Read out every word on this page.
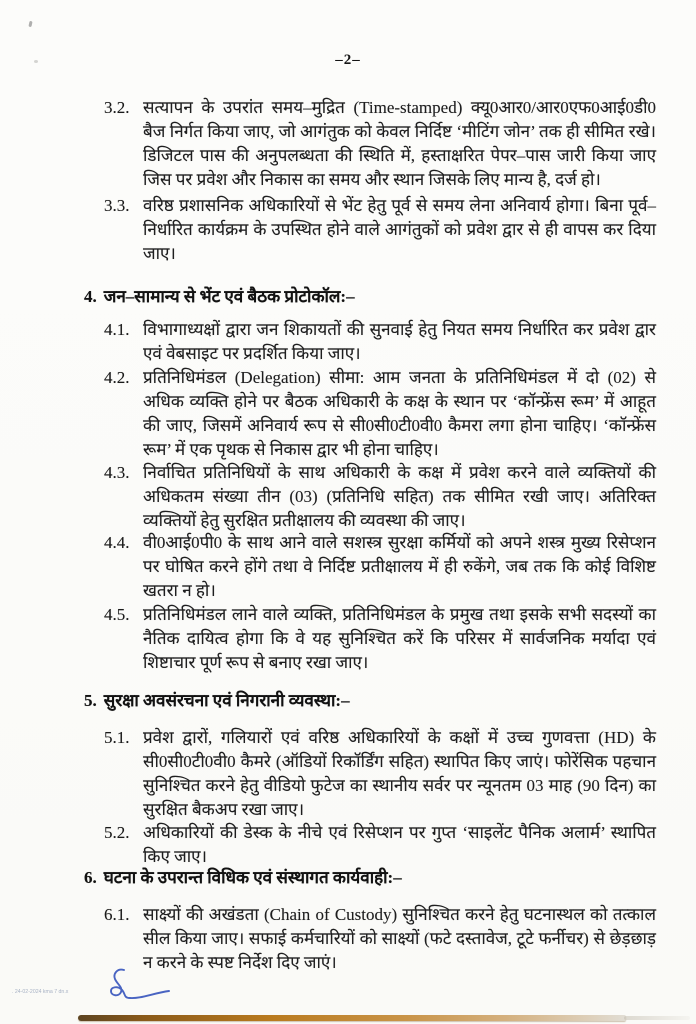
–2–
3.2. सत्यापन के उपरांत समय–मुद्रित (Time-stamped) क्यू0आर0/आर0एफ0आई0डी0 बैज निर्गत किया जाए, जो आगंतुक को केवल निर्दिष्ट ‘मीटिंग जोन’ तक ही सीमित रखे। डिजिटल पास की अनुपलब्धता की स्थिति में, हस्ताक्षरित पेपर–पास जारी किया जाए जिस पर प्रवेश और निकास का समय और स्थान जिसके लिए मान्य है, दर्ज हो।
3.3. वरिष्ठ प्रशासनिक अधिकारियों से भेंट हेतु पूर्व से समय लेना अनिवार्य होगा। बिना पूर्व–निर्धारित कार्यक्रम के उपस्थित होने वाले आगंतुकों को प्रवेश द्वार से ही वापस कर दिया जाए।
4. जन–सामान्य से भेंट एवं बैठक प्रोटोकॉल:–
4.1. विभागाध्यक्षों द्वारा जन शिकायतों की सुनवाई हेतु नियत समय निर्धारित कर प्रवेश द्वार एवं वेबसाइट पर प्रदर्शित किया जाए।
4.2. प्रतिनिधिमंडल (Delegation) सीमा: आम जनता के प्रतिनिधिमंडल में दो (02) से अधिक व्यक्ति होने पर बैठक अधिकारी के कक्ष के स्थान पर ‘कॉन्फ्रेंस रूम’ में आहूत की जाए, जिसमें अनिवार्य रूप से सी0सी0टी0वी0 कैमरा लगा होना चाहिए। ‘कॉन्फ्रेंस रूम’ में एक पृथक से निकास द्वार भी होना चाहिए।
4.3. निर्वाचित प्रतिनिधियों के साथ अधिकारी के कक्ष में प्रवेश करने वाले व्यक्तियों की अधिकतम संख्या तीन (03) (प्रतिनिधि सहित) तक सीमित रखी जाए। अतिरिक्त व्यक्तियों हेतु सुरक्षित प्रतीक्षालय की व्यवस्था की जाए।
4.4. वी0आई0पी0 के साथ आने वाले सशस्त्र सुरक्षा कर्मियों को अपने शस्त्र मुख्य रिसेप्शन पर घोषित करने होंगे तथा वे निर्दिष्ट प्रतीक्षालय में ही रुकेंगे, जब तक कि कोई विशिष्ट खतरा न हो।
4.5. प्रतिनिधिमंडल लाने वाले व्यक्ति, प्रतिनिधिमंडल के प्रमुख तथा इसके सभी सदस्यों का नैतिक दायित्व होगा कि वे यह सुनिश्चित करें कि परिसर में सार्वजनिक मर्यादा एवं शिष्टाचार पूर्ण रूप से बनाए रखा जाए।
5. सुरक्षा अवसंरचना एवं निगरानी व्यवस्था:–
5.1. प्रवेश द्वारों, गलियारों एवं वरिष्ठ अधिकारियों के कक्षों में उच्च गुणवत्ता (HD) के सी0सी0टी0वी0 कैमरे (ऑडियों रिकॉर्डिंग सहित) स्थापित किए जाएं। फोरेंसिक पहचान सुनिश्चित करने हेतु वीडियो फुटेज का स्थानीय सर्वर पर न्यूनतम 03 माह (90 दिन) का सुरक्षित बैकअप रखा जाए।
5.2. अधिकारियों की डेस्क के नीचे एवं रिसेप्शन पर गुप्त ‘साइलेंट पैनिक अलार्म’ स्थापित किए जाए।
6. घटना के उपरान्त विधिक एवं संस्थागत कार्यवाही:–
6.1. साक्ष्यों की अखंडता (Chain of Custody) सुनिश्चित करने हेतु घटनास्थल को तत्काल सील किया जाए। सफाई कर्मचारियों को साक्ष्यों (फटे दस्तावेज, टूटे फर्नीचर) से छेड़छाड़ न करने के स्पष्ट निर्देश दिए जाएं।
. 24-02-2024 kma 7 dn.x
